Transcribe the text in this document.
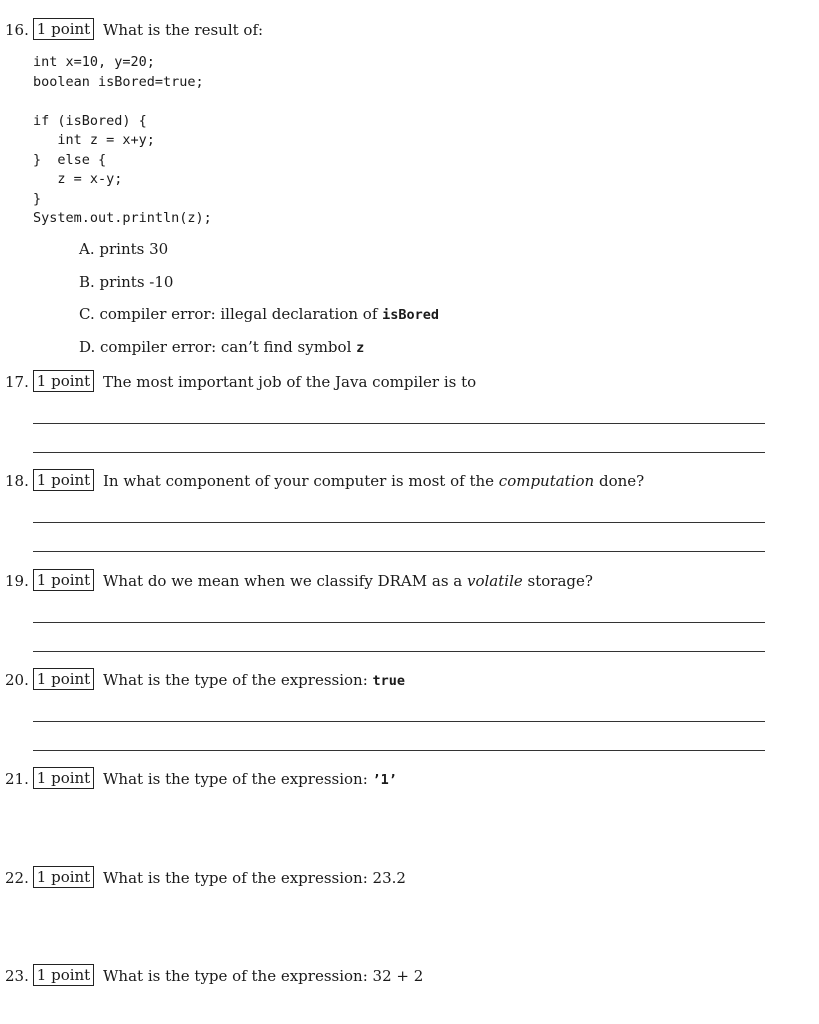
16. 1 point What is the result of:
int x=10, y=20;
boolean isBored=true;

if (isBored) {
int z = x+y;
}  else {
z = x-y;
}
System.out.println(z);
A. prints 30
B. prints -10
C. compiler error: illegal declaration of isBored
D. compiler error: can’t find symbol z
17. 1 point The most important job of the Java compiler is to
18. 1 point In what component of your computer is most of the computation done?
19. 1 point What do we mean when we classify DRAM as a volatile storage?
20. 1 point What is the type of the expression: true
21. 1 point What is the type of the expression: ’1’
22. 1 point What is the type of the expression: 23.2
23. 1 point What is the type of the expression: 32 + 2
